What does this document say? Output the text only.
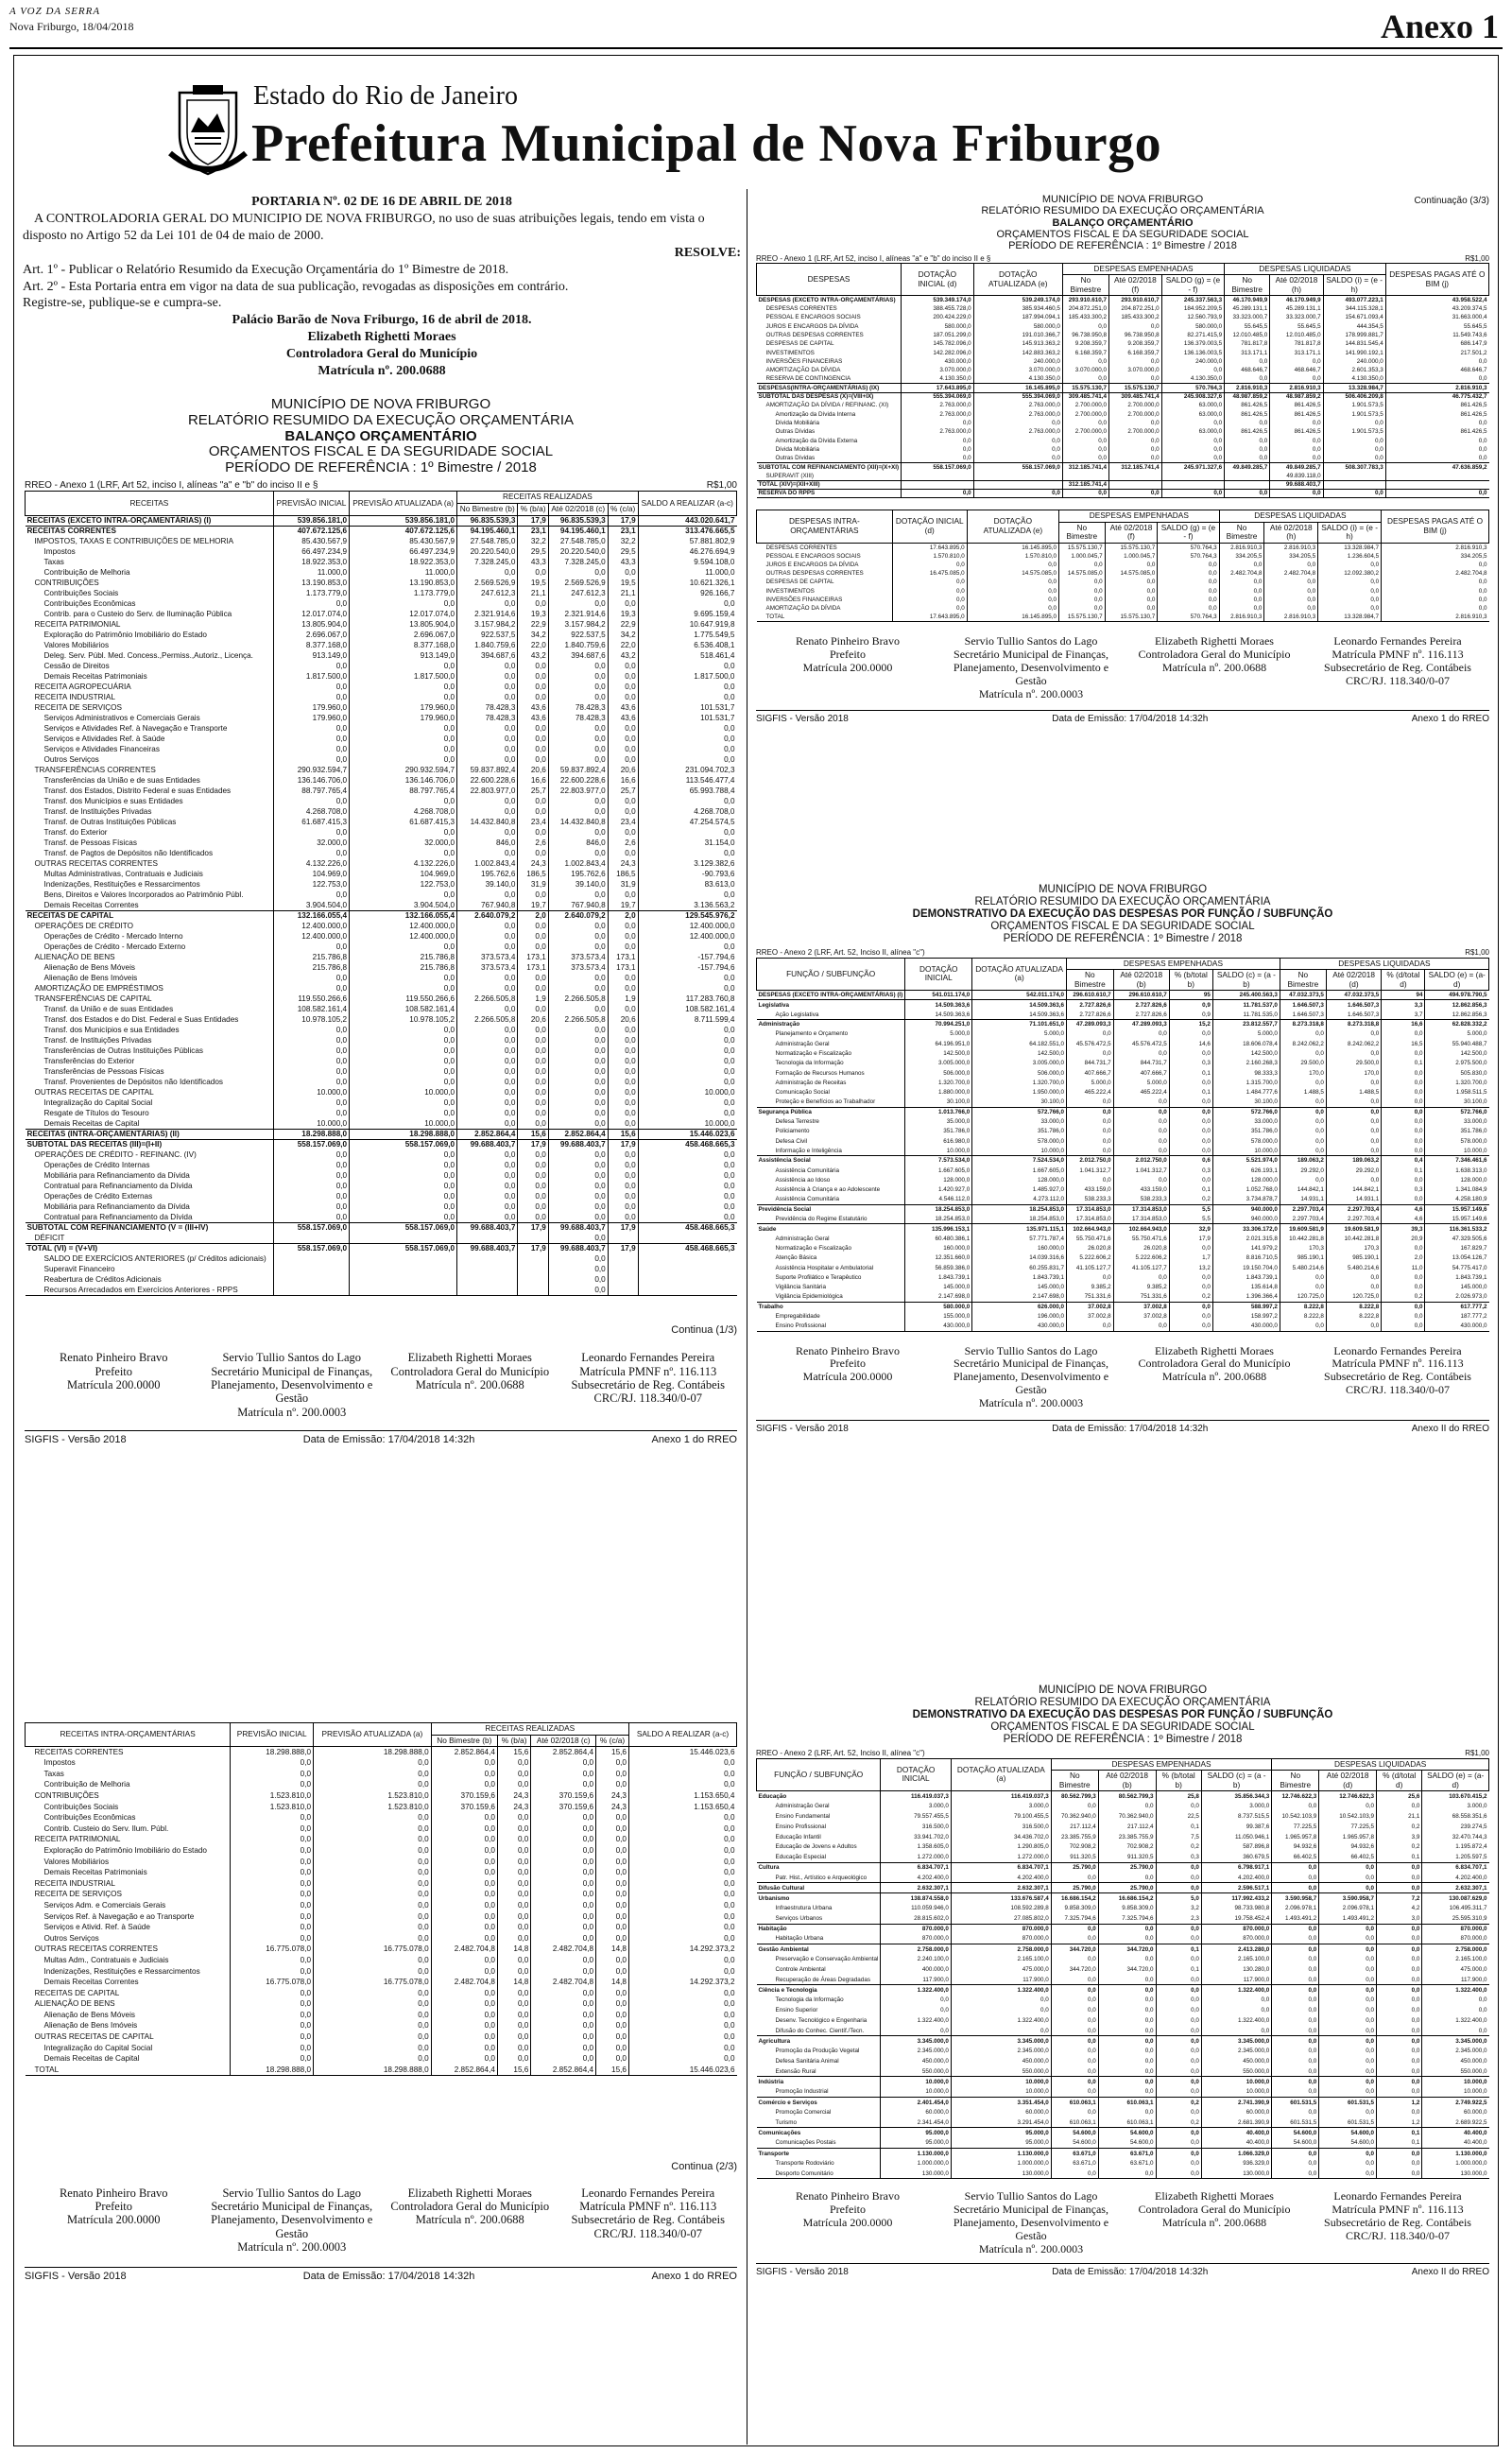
A VOZ DA SERRA
Nova Friburgo, 18/04/2018	Anexo 1
Estado do Rio de Janeiro
Prefeitura Municipal de Nova Friburgo
PORTARIA Nº. 02 DE 16 DE ABRIL DE 2018
A CONTROLADORIA GERAL DO MUNICIPIO DE NOVA FRIBURGO, no uso de suas atribuições legais, tendo em vista o disposto no Artigo 52 da Lei 101 de 04 de maio de 2000.
RESOLVE:
Art. 1º - Publicar o Relatório Resumido da Execução Orçamentária do 1º Bimestre de 2018.
Art. 2º - Esta Portaria entra em vigor na data de sua publicação, revogadas as disposições em contrário.
Registre-se, publique-se e cumpra-se.
Palácio Barão de Nova Friburgo, 16 de abril de 2018.
Elizabeth Righetti Moraes
Controladora Geral do Município
Matrícula nº. 200.0688
MUNICÍPIO DE NOVA FRIBURGO
RELATÓRIO RESUMIDO DA EXECUÇÃO ORÇAMENTÁRIA
BALANÇO ORÇAMENTÁRIO
ORÇAMENTOS FISCAL E DA SEGURIDADE SOCIAL
PERÍODO DE REFERÊNCIA : 1º Bimestre / 2018
RREO - Anexo 1 (LRF, Art 52, inciso I, alíneas "a" e "b" do inciso II e §	R$1,00
RECEITAS	PREVISÃO INICIAL	PREVISÃO ATUALIZADA (a)	RECEITAS REALIZADAS				SALDO A REALIZAR (a-c)
			No Bimestre (b)	% (b/a)	Até 02/2018 (c)	% (c/a)	
RECEITAS (EXCETO INTRA-ORÇAMENTÁRIAS) (I)	539.856.181,0	539.856.181,0	96.835.539,3	17,9	96.835.539,3	17,9	443.020.641,7
RECEITAS CORRENTES	407.672.125,6	407.672.125,6	94.195.460,1	23,1	94.195.460,1	23,1	313.476.665,5
IMPOSTOS, TAXAS E CONTRIBUIÇÕES DE MELHORIA	85.430.567,9	85.430.567,9	27.548.785,0	32,2	27.548.785,0	32,2	57.881.802,9
Impostos	66.497.234,9	66.497.234,9	20.220.540,0	29,5	20.220.540,0	29,5	46.276.694,9
Taxas	18.922.353,0	18.922.353,0	7.328.245,0	43,3	7.328.245,0	43,3	9.594.108,0
Contribuição de Melhoria	11.000,0	11.000,0	0,0	0,0	0,0	0,0	11.000,0
CONTRIBUIÇÕES	13.190.853,0	13.190.853,0	2.569.526,9	19,5	2.569.526,9	19,5	10.621.326,1
Contribuições Sociais	1.173.779,0	1.173.779,0	247.612,3	21,1	247.612,3	21,1	926.166,7
Contribuições Econômicas	0,0	0,0	0,0	0,0	0,0	0,0	0,0
Contrib. para o Custeio do Serv. de Iluminação Pública	12.017.074,0	12.017.074,0	2.321.914,6	19,3	2.321.914,6	19,3	9.695.159,4
RECEITA PATRIMONIAL	13.805.904,0	13.805.904,0	3.157.984,2	22,9	3.157.984,2	22,9	10.647.919,8
Exploração do Patrimônio Imobiliário do Estado	2.696.067,0	2.696.067,0	922.537,5	34,2	922.537,5	34,2	1.775.549,5
Valores Mobiliários	8.377.168,0	8.377.168,0	1.840.759,6	22,0	1.840.759,6	22,0	6.536.408,1
Deleg. Serv. Públ. Med. Concess.,Permiss.,Autoriz., Licença.	913.149,0	913.149,0	394.687,6	43,2	394.687,6	43,2	518.461,4
Cessão de Direitos	0,0	0,0	0,0	0,0	0,0	0,0	0,0
Demais Receitas Patrimoniais	1.817.500,0	1.817.500,0	0,0	0,0	0,0	0,0	1.817.500,0
RECEITA AGROPECUÁRIA	0,0	0,0	0,0	0,0	0,0	0,0	0,0
RECEITA INDUSTRIAL	0,0	0,0	0,0	0,0	0,0	0,0	0,0
RECEITA DE SERVIÇOS	179.960,0	179.960,0	78.428,3	43,6	78.428,3	43,6	101.531,7
Serviços Administrativos e Comerciais Gerais	179.960,0	179.960,0	78.428,3	43,6	78.428,3	43,6	101.531,7
Serviços e Atividades Ref. à Navegação e Transporte	0,0	0,0	0,0	0,0	0,0	0,0	0,0
Serviços e Atividades Ref. à Saúde	0,0	0,0	0,0	0,0	0,0	0,0	0,0
Serviços e Atividades Financeiras	0,0	0,0	0,0	0,0	0,0	0,0	0,0
Outros Serviços	0,0	0,0	0,0	0,0	0,0	0,0	0,0
TRANSFERÊNCIAS CORRENTES	290.932.594,7	290.932.594,7	59.837.892,4	20,6	59.837.892,4	20,6	231.094.702,3
Transferências da União e de suas Entidades	136.146.706,0	136.146.706,0	22.600.228,6	16,6	22.600.228,6	16,6	113.546.477,4
Transf. dos Estados, Distrito Federal e suas Entidades	88.797.765,4	88.797.765,4	22.803.977,0	25,7	22.803.977,0	25,7	65.993.788,4
Transf. dos Municípios e suas Entidades	0,0	0,0	0,0	0,0	0,0	0,0	0,0
Transf. de Instituições Privadas	4.268.708,0	4.268.708,0	0,0	0,0	0,0	0,0	4.268.708,0
Transf. de Outras Instituições Públicas	61.687.415,3	61.687.415,3	14.432.840,8	23,4	14.432.840,8	23,4	47.254.574,5
Transf. do Exterior	0,0	0,0	0,0	0,0	0,0	0,0	0,0
Transf. de Pessoas Físicas	32.000,0	32.000,0	846,0	2,6	846,0	2,6	31.154,0
Transf. de Pagtos de Depósitos não Identificados	0,0	0,0	0,0	0,0	0,0	0,0	0,0
OUTRAS RECEITAS CORRENTES	4.132.226,0	4.132.226,0	1.002.843,4	24,3	1.002.843,4	24,3	3.129.382,6
Multas Administrativas, Contratuais e Judiciais	104.969,0	104.969,0	195.762,6	186,5	195.762,6	186,5	-90.793,6
Indenizações, Restituições e Ressarcimentos	122.753,0	122.753,0	39.140,0	31,9	39.140,0	31,9	83.613,0
Bens, Direitos e Valores Incorporados ao Patrimônio Públ.	0,0	0,0	0,0	0,0	0,0	0,0	0,0
Demais Receitas Correntes	3.904.504,0	3.904.504,0	767.940,8	19,7	767.940,8	19,7	3.136.563,2
RECEITAS DE CAPITAL	132.166.055,4	132.166.055,4	2.640.079,2	2,0	2.640.079,2	2,0	129.545.976,2
OPERAÇÕES DE CRÉDITO	12.400.000,0	12.400.000,0	0,0	0,0	0,0	0,0	12.400.000,0
Operações de Crédito - Mercado Interno	12.400.000,0	12.400.000,0	0,0	0,0	0,0	0,0	12.400.000,0
Operações de Crédito - Mercado Externo	0,0	0,0	0,0	0,0	0,0	0,0	0,0
ALIENAÇÃO DE BENS	215.786,8	215.786,8	373.573,4	173,1	373.573,4	173,1	-157.794,6
Alienação de Bens Móveis	215.786,8	215.786,8	373.573,4	173,1	373.573,4	173,1	-157.794,6
Alienação de Bens Imóveis	0,0	0,0	0,0	0,0	0,0	0,0	0,0
AMORTIZAÇÃO DE EMPRÉSTIMOS	0,0	0,0	0,0	0,0	0,0	0,0	0,0
TRANSFERÊNCIAS DE CAPITAL	119.550.266,6	119.550.266,6	2.266.505,8	1,9	2.266.505,8	1,9	117.283.760,8
Transf. da União e de suas Entidades	108.582.161,4	108.582.161,4	0,0	0,0	0,0	0,0	108.582.161,4
Transf. dos Estados e do Dist. Federal e Suas Entidades	10.978.105,2	10.978.105,2	2.266.505,8	20,6	2.266.505,8	20,6	8.711.599,4
Transf. dos Municípios e sua Entidades	0,0	0,0	0,0	0,0	0,0	0,0	0,0
Transf. de Instituições Privadas	0,0	0,0	0,0	0,0	0,0	0,0	0,0
Transferências de Outras Instituições Públicas	0,0	0,0	0,0	0,0	0,0	0,0	0,0
Transferências do Exterior	0,0	0,0	0,0	0,0	0,0	0,0	0,0
Transferências de Pessoas Físicas	0,0	0,0	0,0	0,0	0,0	0,0	0,0
Transf. Provenientes de Depósitos não Identificados	0,0	0,0	0,0	0,0	0,0	0,0	0,0
OUTRAS RECEITAS DE CAPITAL	10.000,0	10.000,0	0,0	0,0	0,0	0,0	10.000,0
Integralização do Capital Social	0,0	0,0	0,0	0,0	0,0	0,0	0,0
Resgate de Títulos do Tesouro	0,0	0,0	0,0	0,0	0,0	0,0	0,0
Demais Receitas de Capital	10.000,0	10.000,0	0,0	0,0	0,0	0,0	10.000,0
RECEITAS (INTRA-ORÇAMENTÁRIAS) (II)	18.298.888,0	18.298.888,0	2.852.864,4	15,6	2.852.864,4	15,6	15.446.023,6
SUBTOTAL DAS RECEITAS (III)=(I+II)	558.157.069,0	558.157.069,0	99.688.403,7	17,9	99.688.403,7	17,9	458.468.665,3
OPERAÇÕES DE CRÉDITO - REFINANC. (IV)	0,0	0,0	0,0	0,0	0,0	0,0	0,0
Operações de Crédito Internas	0,0	0,0	0,0	0,0	0,0	0,0	0,0
Mobiliária para Refinanciamento da Dívida	0,0	0,0	0,0	0,0	0,0	0,0	0,0
Contratual para Refinanciamento da Dívida	0,0	0,0	0,0	0,0	0,0	0,0	0,0
Operações de Crédito Externas	0,0	0,0	0,0	0,0	0,0	0,0	0,0
Mobiliária para Refinanciamento da Dívida	0,0	0,0	0,0	0,0	0,0	0,0	0,0
Contratual para Refinanciamento da Dívida	0,0	0,0	0,0	0,0	0,0	0,0	0,0
SUBTOTAL COM REFINANCIAMENTO (V = (III+IV)	558.157.069,0	558.157.069,0	99.688.403,7	17,9	99.688.403,7	17,9	458.468.665,3
DÉFICIT					0,0		
TOTAL (VI) = (V+VI)	558.157.069,0	558.157.069,0	99.688.403,7	17,9	99.688.403,7	17,9	458.468.665,3
SALDO DE EXERCÍCIOS ANTERIORES (p/ Créditos adicionais)					0,0		
Superavit Financeiro					0,0		
Reabertura de Créditos Adicionais					0,0		
Recursos Arrecadados em Exercícios Anteriores - RPPS					0,0		
Continua (1/3)
Renato Pinheiro Bravo
Prefeito
Matrícula 200.0000
Servio Tullio Santos do Lago
Secretário Municipal de Finanças,
Planejamento, Desenvolvimento e Gestão
Matrícula nº. 200.0003
Elizabeth Righetti Moraes
Controladora Geral do Município
Matrícula nº. 200.0688
Leonardo Fernandes Pereira
Matrícula PMNF nº. 116.113
Subsecretário de Reg. Contábeis
CRC/RJ. 118.340/0-07
SIGFIS - Versão 2018	Data de Emissão: 17/04/2018 14:32h	Anexo 1 do RREO
RECEITAS INTRA-ORÇAMENTÁRIAS	PREVISÃO INICIAL	PREVISÃO ATUALIZADA (a)	RECEITAS REALIZADAS				SALDO A REALIZAR (a-c)
			No Bimestre (b)	% (b/a)	Até 02/2018 (c)	% (c/a)	
RECEITAS CORRENTES	18.298.888,0	18.298.888,0	2.852.864,4	15,6	2.852.864,4	15,6	15.446.023,6
Impostos	0,0	0,0	0,0	0,0	0,0	0,0	0,0
Taxas	0,0	0,0	0,0	0,0	0,0	0,0	0,0
Contribuição de Melhoria	0,0	0,0	0,0	0,0	0,0	0,0	0,0
CONTRIBUIÇÕES	1.523.810,0	1.523.810,0	370.159,6	24,3	370.159,6	24,3	1.153.650,4
Contribuições Sociais	1.523.810,0	1.523.810,0	370.159,6	24,3	370.159,6	24,3	1.153.650,4
Contribuições Econômicas	0,0	0,0	0,0	0,0	0,0	0,0	0,0
Contrib. Custeio do Serv. Ilum. Públ.	0,0	0,0	0,0	0,0	0,0	0,0	0,0
RECEITA PATRIMONIAL	0,0	0,0	0,0	0,0	0,0	0,0	0,0
Exploração do Patrimônio Imobiliário do Estado	0,0	0,0	0,0	0,0	0,0	0,0	0,0
Valores Mobiliários	0,0	0,0	0,0	0,0	0,0	0,0	0,0
Demais Receitas Patrimoniais	0,0	0,0	0,0	0,0	0,0	0,0	0,0
RECEITA INDUSTRIAL	0,0	0,0	0,0	0,0	0,0	0,0	0,0
RECEITA DE SERVIÇOS	0,0	0,0	0,0	0,0	0,0	0,0	0,0
Serviços Adm. e Comerciais Gerais	0,0	0,0	0,0	0,0	0,0	0,0	0,0
Serviços Ref. à Navegação e ao Transporte	0,0	0,0	0,0	0,0	0,0	0,0	0,0
Serviços e Ativid. Ref. à Saúde	0,0	0,0	0,0	0,0	0,0	0,0	0,0
Outros Serviços	0,0	0,0	0,0	0,0	0,0	0,0	0,0
OUTRAS RECEITAS CORRENTES	16.775.078,0	16.775.078,0	2.482.704,8	14,8	2.482.704,8	14,8	14.292.373,2
Multas Adm., Contratuais e Judiciais	0,0	0,0	0,0	0,0	0,0	0,0	0,0
Indenizações, Restituições e Ressarcimentos	0,0	0,0	0,0	0,0	0,0	0,0	0,0
Demais Receitas Correntes	16.775.078,0	16.775.078,0	2.482.704,8	14,8	2.482.704,8	14,8	14.292.373,2
RECEITAS DE CAPITAL	0,0	0,0	0,0	0,0	0,0	0,0	0,0
ALIENAÇÃO DE BENS	0,0	0,0	0,0	0,0	0,0	0,0	0,0
Alienação de Bens Móveis	0,0	0,0	0,0	0,0	0,0	0,0	0,0
Alienação de Bens Imóveis	0,0	0,0	0,0	0,0	0,0	0,0	0,0
OUTRAS RECEITAS DE CAPITAL	0,0	0,0	0,0	0,0	0,0	0,0	0,0
Integralização do Capital Social	0,0	0,0	0,0	0,0	0,0	0,0	0,0
Demais Receitas de Capital	0,0	0,0	0,0	0,0	0,0	0,0	0,0
TOTAL	18.298.888,0	18.298.888,0	2.852.864,4	15,6	2.852.864,4	15,6	15.446.023,6
Continua (2/3)
Renato Pinheiro Bravo
Prefeito
Matrícula 200.0000
Servio Tullio Santos do Lago
Secretário Municipal de Finanças,
Planejamento, Desenvolvimento e Gestão
Matrícula nº. 200.0003
Elizabeth Righetti Moraes
Controladora Geral do Município
Matrícula nº. 200.0688
Leonardo Fernandes Pereira
Matrícula PMNF nº. 116.113
Subsecretário de Reg. Contábeis
CRC/RJ. 118.340/0-07
SIGFIS - Versão 2018	Data de Emissão: 17/04/2018 14:32h	Anexo 1 do RREO
MUNICÍPIO DE NOVA FRIBURGO
RELATÓRIO RESUMIDO DA EXECUÇÃO ORÇAMENTÁRIA
BALANÇO ORÇAMENTÁRIO
ORÇAMENTOS FISCAL E DA SEGURIDADE SOCIAL
PERÍODO DE REFERÊNCIA : 1º Bimestre / 2018
Continuação (3/3)
RREO - Anexo 1 (LRF, Art 52, inciso I, alíneas "a" e "b" do inciso II e §	R$1,00
DESPESAS	DOTAÇÃO INICIAL (d)	DOTAÇÃO ATUALIZADA (e)	DESPESAS EMPENHADAS			DESPESAS LIQUIDADAS			DESPESAS PAGAS ATÉ O BIM (j)
			No Bimestre	Até 02/2018 (f)	SALDO (g) = (e - f)	No Bimestre	Até 02/2018 (h)	SALDO (i) = (e - h)	
DESPESAS (EXCETO INTRA-ORÇAMENTÁRIAS)	539.349.174,0	539.249.174,0	293.910.610,7	293.910.610,7	245.337.563,3	46.170.949,9	46.170.949,9	493.077.223,1	43.958.522,4
DESPESAS CORRENTES	388.455.728,0	385.934.460,5	204.872.251,0	204.872.251,0	184.952.209,5	45.289.131,1	45.289.131,1	344.115.328,1	43.209.374,5
PESSOAL E ENCARGOS SOCIAIS	200.424.229,0	187.994.094,1	185.433.300,2	185.433.300,2	12.560.793,9	33.323.000,7	33.323.000,7	154.671.093,4	31.663.000,4
JUROS E ENCARGOS DA DÍVIDA	580.000,0	580.000,0	0,0	0,0	580.000,0	55.645,5	55.645,5	444.354,5	55.645,5
OUTRAS DESPESAS CORRENTES	187.051.299,0	191.010.366,7	96.738.950,8	96.738.950,8	82.271.415,9	12.010.485,0	12.010.485,0	178.999.881,7	11.549.743,6
DESPESAS DE CAPITAL	145.782.096,0	145.913.363,2	9.208.359,7	9.208.359,7	136.379.003,5	781.817,8	781.817,8	144.831.545,4	686.147,9
INVESTIMENTOS	142.282.096,0	142.883.363,2	6.168.359,7	6.168.359,7	136.136.003,5	313.171,1	313.171,1	141.990.192,1	217.501,2
INVERSÕES FINANCEIRAS	430.000,0	240.000,0	0,0	0,0	240.000,0	0,0	0,0	240.000,0	0,0
AMORTIZAÇÃO DA DÍVIDA	3.070.000,0	3.070.000,0	3.070.000,0	3.070.000,0	0,0	468.646,7	468.646,7	2.601.353,3	468.646,7
RESERVA DE CONTINGÊNCIA	4.130.350,0	4.130.350,0	0,0	0,0	4.130.350,0	0,0	0,0	4.130.350,0	0,0
DESPESAS(INTRA-ORÇAMENTÁRIAS) (IX)	17.643.895,0	16.145.895,0	15.575.130,7	15.575.130,7	570.764,3	2.816.910,3	2.816.910,3	13.328.984,7	2.816.910,3
SUBTOTAL DAS DESPESAS (X)=(VIII+IX)	555.394.069,0	555.394.069,0	309.485.741,4	309.485.741,4	245.908.327,6	48.987.859,2	48.987.859,2	506.406.209,8	46.775.432,7
AMORTIZAÇÃO DA DÍVIDA / REFINANC. (XI)	2.763.000,0	2.763.000,0	2.700.000,0	2.700.000,0	63.000,0	861.426,5	861.426,5	1.901.573,5	861.426,5
Amortização da Dívida Interna	2.763.000,0	2.763.000,0	2.700.000,0	2.700.000,0	63.000,0	861.426,5	861.426,5	1.901.573,5	861.426,5
Dívida Mobiliária	0,0	0,0	0,0	0,0	0,0	0,0	0,0	0,0	0,0
Outras Dívidas	2.763.000,0	2.763.000,0	2.700.000,0	2.700.000,0	63.000,0	861.426,5	861.426,5	1.901.573,5	861.426,5
Amortização da Dívida Externa	0,0	0,0	0,0	0,0	0,0	0,0	0,0	0,0	0,0
Dívida Mobiliária	0,0	0,0	0,0	0,0	0,0	0,0	0,0	0,0	0,0
Outras Dívidas	0,0	0,0	0,0	0,0	0,0	0,0	0,0	0,0	0,0
SUBTOTAL COM REFINANCIAMENTO (XII)=(X+XI)	558.157.069,0	558.157.069,0	312.185.741,4	312.185.741,4	245.971.327,6	49.849.285,7	49.849.285,7	508.307.783,3	47.636.859,2
SUPERAVIT (XIII)							49.839.118,0		
TOTAL (XIV)=(XII+XIII)			312.185.741,4				99.688.403,7		
RESERVA DO RPPS	0,0	0,0	0,0	0,0	0,0	0,0	0,0	0,0	0,0
DESPESAS INTRA-ORÇAMENTÁRIAS	DOTAÇÃO INICIAL (d)	DOTAÇÃO ATUALIZADA (e)	DESPESAS EMPENHADAS			DESPESAS LIQUIDADAS			DESPESAS PAGAS ATÉ O BIM (j)
			No Bimestre	Até 02/2018 (f)	SALDO (g) = (e - f)	No Bimestre	Até 02/2018 (h)	SALDO (i) = (e - h)	
DESPESAS CORRENTES	17.643.895,0	16.145.895,0	15.575.130,7	15.575.130,7	570.764,3	2.816.910,3	2.816.910,3	13.328.984,7	2.816.910,3
PESSOAL E ENCARGOS SOCIAIS	1.570.810,0	1.570.810,0	1.000.045,7	1.000.045,7	570.764,3	334.205,5	334.205,5	1.236.604,5	334.205,5
JUROS E ENCARGOS DA DÍVIDA	0,0	0,0	0,0	0,0	0,0	0,0	0,0	0,0	0,0
OUTRAS DESPESAS CORRENTES	16.475.085,0	14.575.085,0	14.575.085,0	14.575.085,0	0,0	2.482.704,8	2.482.704,8	12.092.380,2	2.482.704,8
DESPESAS DE CAPITAL	0,0	0,0	0,0	0,0	0,0	0,0	0,0	0,0	0,0
INVESTIMENTOS	0,0	0,0	0,0	0,0	0,0	0,0	0,0	0,0	0,0
INVERSÕES FINANCEIRAS	0,0	0,0	0,0	0,0	0,0	0,0	0,0	0,0	0,0
AMORTIZAÇÃO DA DÍVIDA	0,0	0,0	0,0	0,0	0,0	0,0	0,0	0,0	0,0
TOTAL	17.643.895,0	16.145.895,0	15.575.130,7	15.575.130,7	570.764,3	2.816.910,3	2.816.910,3	13.328.984,7	2.816.910,3
Renato Pinheiro Bravo
Prefeito
Matrícula 200.0000
Servio Tullio Santos do Lago
Secretário Municipal de Finanças,
Planejamento, Desenvolvimento e Gestão
Matrícula nº. 200.0003
Elizabeth Righetti Moraes
Controladora Geral do Município
Matrícula nº. 200.0688
Leonardo Fernandes Pereira
Matrícula PMNF nº. 116.113
Subsecretário de Reg. Contábeis
CRC/RJ. 118.340/0-07
SIGFIS - Versão 2018	Data de Emissão: 17/04/2018 14:32h	Anexo 1 do RREO
MUNICÍPIO DE NOVA FRIBURGO
RELATÓRIO RESUMIDO DA EXECUÇÃO ORÇAMENTÁRIA
DEMONSTRATIVO DA EXECUÇÃO DAS DESPESAS POR FUNÇÃO / SUBFUNÇÃO
ORÇAMENTOS FISCAL E DA SEGURIDADE SOCIAL
PERÍODO DE REFERÊNCIA : 1º Bimestre / 2018
RREO - Anexo 2 (LRF, Art. 52, Inciso II, alínea "c")	R$1,00
FUNÇÃO / SUBFUNÇÃO	DOTAÇÃO INICIAL	DOTAÇÃO ATUALIZADA (a)	DESPESAS EMPENHADAS				DESPESAS LIQUIDADAS			
			No Bimestre	Até 02/2018 (b)	% (b/total b)	SALDO (c) = (a - b)	No Bimestre	Até 02/2018 (d)	% (d/total d)	SALDO (e) = (a-d)
DESPESAS (EXCETO INTRA-ORÇAMENTÁRIAS) (I)	541.011.174,0	542.011.174,0	296.610.610,7	296.610.610,7	95	245.400.563,3	47.032.373,5	47.032.373,5	94	494.978.790,5
Legislativa	14.509.363,6	14.509.363,6	2.727.826,6	2.727.826,6	0,9	11.781.537,0	1.646.507,3	1.646.507,3	3,3	12.862.856,3
Ação Legislativa	14.509.363,6	14.509.363,6	2.727.826,6	2.727.826,6	0,9	11.781.535,0	1.646.507,3	1.646.507,3	3,7	12.862.856,3
Administração	70.994.251,0	71.101.651,0	47.289.093,3	47.289.093,3	15,2	23.812.557,7	8.273.318,8	8.273.318,8	16,6	62.828.332,2
Planejamento e Orçamento	5.000,0	5.000,0	0,0	0,0	0,0	5.000,0	0,0	0,0	0,0	5.000,0
Administração Geral	64.196.951,0	64.182.551,0	45.576.472,5	45.576.472,5	14,6	18.606.078,4	8.242.062,2	8.242.062,2	16,5	55.940.488,7
Normatização e Fiscalização	142.500,0	142.500,0	0,0	0,0	0,0	142.500,0	0,0	0,0	0,0	142.500,0
Tecnologia da Informação	3.005.000,0	3.005.000,0	844.731,7	844.731,7	0,3	2.160.268,3	29.500,0	29.500,0	0,1	2.975.500,0
Formação de Recursos Humanos	506.000,0	506.000,0	407.666,7	407.666,7	0,1	98.333,3	170,0	170,0	0,0	505.830,0
Administração de Receitas	1.320.700,0	1.320.700,0	5.000,0	5.000,0	0,0	1.315.700,0	0,0	0,0	0,0	1.320.700,0
Comunicação Social	1.880.000,0	1.950.000,0	465.222,4	465.222,4	0,1	1.484.777,6	1.488,5	1.488,5	0,0	1.958.511,5
Proteção e Benefícios ao Trabalhador	30.100,0	30.100,0	0,0	0,0	0,0	30.100,0	0,0	0,0	0,0	30.100,0
Segurança Pública	1.013.766,0	572.766,0	0,0	0,0	0,0	572.766,0	0,0	0,0	0,0	572.766,0
Defesa Terrestre	35.000,0	33.000,0	0,0	0,0	0,0	33.000,0	0,0	0,0	0,0	33.000,0
Policiamento	351.786,0	351.786,0	0,0	0,0	0,0	351.786,0	0,0	0,0	0,0	351.786,0
Defesa Civil	616.980,0	578.000,0	0,0	0,0	0,0	578.000,0	0,0	0,0	0,0	578.000,0
Informação e Inteligência	10.000,0	10.000,0	0,0	0,0	0,0	10.000,0	0,0	0,0	0,0	10.000,0
Assistência Social	7.573.534,0	7.524.534,0	2.012.750,0	2.012.750,0	0,6	5.521.974,0	189.063,2	189.063,2	0,4	7.346.461,6
Assistência Comunitária	1.667.605,0	1.667.605,0	1.041.312,7	1.041.312,7	0,3	626.193,1	29.292,0	29.292,0	0,1	1.638.313,0
Assistência ao Idoso	128.000,0	128.000,0	0,0	0,0	0,0	128.000,0	0,0	0,0	0,0	128.000,0
Assistência à Criança e ao Adolescente	1.420.927,0	1.485.927,0	433.159,0	433.159,0	0,1	1.052.768,0	144.842,1	144.842,1	0,3	1.341.084,9
Assistência Comunitária	4.546.112,0	4.273.112,0	538.233,3	538.233,3	0,2	3.734.878,7	14.931,1	14.931,1	0,0	4.258.180,9
Previdência Social	18.254.853,0	18.254.853,0	17.314.853,0	17.314.853,0	5,5	940.000,0	2.297.703,4	2.297.703,4	4,6	15.957.149,6
Previdência do Regime Estatutário	18.254.853,0	18.254.853,0	17.314.853,0	17.314.853,0	5,5	940.000,0	2.297.703,4	2.297.703,4	4,6	15.957.149,6
Saúde	135.996.153,1	135.971.115,1	102.664.943,0	102.664.943,0	32,9	33.306.172,0	19.609.581,9	19.609.581,9	39,3	116.361.533,2
Administração Geral	60.480.386,1	57.771.787,4	55.750.471,6	55.750.471,6	17,9	2.021.315,8	10.442.281,8	10.442.281,8	20,9	47.329.505,6
Normatização e Fiscalização	160.000,0	160.000,0	26.020,8	26.020,8	0,0	141.979,2	170,3	170,3	0,0	167.829,7
Atenção Básica	12.351.660,0	14.039.316,6	5.222.606,2	5.222.606,2	1,7	8.816.710,5	985.190,1	985.190,1	2,0	13.054.126,7
Assistência Hospitalar e Ambulatorial	56.859.386,0	60.255.831,7	41.105.127,7	41.105.127,7	13,2	19.150.704,0	5.480.214,6	5.480.214,6	11,0	54.775.417,0
Suporte Profilático e Terapêutico	1.843.739,1	1.843.739,1	0,0	0,0	0,0	1.843.739,1	0,0	0,0	0,0	1.843.739,1
Vigilância Sanitária	145.000,0	145.000,0	9.385,2	9.385,2	0,0	135.614,8	0,0	0,0	0,0	145.000,0
Vigilância Epidemiológica	2.147.698,0	2.147.698,0	751.331,6	751.331,6	0,2	1.396.366,4	120.725,0	120.725,0	0,2	2.026.973,0
Trabalho	580.000,0	626.000,0	37.002,8	37.002,8	0,0	588.997,2	8.222,8	8.222,8	0,0	617.777,2
Empregabilidade	155.000,0	196.000,0	37.002,8	37.002,8	0,0	158.997,2	8.222,8	8.222,8	0,0	187.777,2
Ensino Profissional	430.000,0	430.000,0	0,0	0,0	0,0	430.000,0	0,0	0,0	0,0	430.000,0
Renato Pinheiro Bravo
Prefeito
Matrícula 200.0000
Servio Tullio Santos do Lago
Secretário Municipal de Finanças,
Planejamento, Desenvolvimento e Gestão
Matrícula nº. 200.0003
Elizabeth Righetti Moraes
Controladora Geral do Município
Matrícula nº. 200.0688
Leonardo Fernandes Pereira
Matrícula PMNF nº. 116.113
Subsecretário de Reg. Contábeis
CRC/RJ. 118.340/0-07
SIGFIS - Versão 2018	Data de Emissão: 17/04/2018 14:32h	Anexo II do RREO
MUNICÍPIO DE NOVA FRIBURGO
RELATÓRIO RESUMIDO DA EXECUÇÃO ORÇAMENTÁRIA
DEMONSTRATIVO DA EXECUÇÃO DAS DESPESAS POR FUNÇÃO / SUBFUNÇÃO
ORÇAMENTOS FISCAL E DA SEGURIDADE SOCIAL
PERÍODO DE REFERÊNCIA : 1º Bimestre / 2018
RREO - Anexo 2 (LRF, Art. 52, Inciso II, alínea "c")	R$1,00
FUNÇÃO / SUBFUNÇÃO	DOTAÇÃO INICIAL	DOTAÇÃO ATUALIZADA (a)	DESPESAS EMPENHADAS				DESPESAS LIQUIDADAS			
			No Bimestre	Até 02/2018 (b)	% (b/total b)	SALDO (c) = (a - b)	No Bimestre	Até 02/2018 (d)	% (d/total d)	SALDO (e) = (a-d)
Educação	116.419.037,3	116.419.037,3	80.562.799,3	80.562.799,3	25,8	35.856.344,3	12.746.622,3	12.746.622,3	25,6	103.670.415,2
Administração Geral	3.000,0	3.000,0	0,0	0,0	0,0	3.000,0	0,0	0,0	0,0	3.000,0
Ensino Fundamental	79.557.455,5	79.100.455,5	70.362.940,0	70.362.940,0	22,5	8.737.515,5	10.542.103,9	10.542.103,9	21,1	68.558.351,6
Ensino Profissional	316.500,0	316.500,0	217.112,4	217.112,4	0,1	99.387,6	77.225,5	77.225,5	0,2	239.274,5
Educação Infantil	33.941.702,0	34.436.702,0	23.385.755,9	23.385.755,9	7,5	11.050.946,1	1.965.957,8	1.965.957,8	3,9	32.470.744,3
Educação de Jovens e Adultos	1.358.605,0	1.290.805,0	702.908,2	702.908,2	0,2	587.896,8	94.932,6	94.932,6	0,2	1.195.872,4
Educação Especial	1.272.000,0	1.272.000,0	911.320,5	911.320,5	0,3	360.679,5	66.402,5	66.402,5	0,1	1.205.597,5
Cultura	6.834.707,1	6.834.707,1	25.790,0	25.790,0	0,0	6.798.917,1	0,0	0,0	0,0	6.834.707,1
Patr. Hist., Artístico e Arqueológico	4.202.400,0	4.202.400,0	0,0	0,0	0,0	4.202.400,0	0,0	0,0	0,0	4.202.400,0
Difusão Cultural	2.632.307,1	2.632.307,1	25.790,0	25.790,0	0,0	2.596.517,1	0,0	0,0	0,0	2.632.307,1
Urbanismo	138.874.558,0	133.676.587,4	16.686.154,2	16.686.154,2	5,0	117.992.433,2	3.590.958,7	3.590.958,7	7,2	130.087.629,0
Infraestrutura Urbana	110.059.946,0	108.592.289,8	9.858.309,0	9.858.309,0	3,2	98.733.980,8	2.096.978,1	2.096.978,1	4,2	106.495.311,7
Serviços Urbanos	28.815.602,0	27.085.802,0	7.325.794,6	7.325.794,6	2,3	19.758.452,4	1.493.491,2	1.493.491,2	3,0	25.595.310,9
Habitação	870.000,0	870.000,0	0,0	0,0	0,0	870.000,0	0,0	0,0	0,0	870.000,0
Habitação Urbana	870.000,0	870.000,0	0,0	0,0	0,0	870.000,0	0,0	0,0	0,0	870.000,0
Gestão Ambiental	2.758.000,0	2.758.000,0	344.720,0	344.720,0	0,1	2.413.280,0	0,0	0,0	0,0	2.758.000,0
Preservação e Conservação Ambiental	2.240.100,0	2.165.100,0	0,0	0,0	0,0	2.165.100,0	0,0	0,0	0,0	2.165.100,0
Controle Ambiental	400.000,0	475.000,0	344.720,0	344.720,0	0,1	130.280,0	0,0	0,0	0,0	475.000,0
Recuperação de Áreas Degradadas	117.900,0	117.900,0	0,0	0,0	0,0	117.900,0	0,0	0,0	0,0	117.900,0
Ciência e Tecnologia	1.322.400,0	1.322.400,0	0,0	0,0	0,0	1.322.400,0	0,0	0,0	0,0	1.322.400,0
Tecnologia da Informação	0,0	0,0	0,0	0,0	0,0	0,0	0,0	0,0	0,0	0,0
Ensino Superior	0,0	0,0	0,0	0,0	0,0	0,0	0,0	0,0	0,0	0,0
Desenv. Tecnológico e Engenharia	1.322.400,0	1.322.400,0	0,0	0,0	0,0	1.322.400,0	0,0	0,0	0,0	1.322.400,0
Difusão do Conhec. Científ./Tecn.	0,0	0,0	0,0	0,0	0,0	0,0	0,0	0,0	0,0	0,0
Agricultura	3.345.000,0	3.345.000,0	0,0	0,0	0,0	3.345.000,0	0,0	0,0	0,0	3.345.000,0
Promoção da Produção Vegetal	2.345.000,0	2.345.000,0	0,0	0,0	0,0	2.345.000,0	0,0	0,0	0,0	2.345.000,0
Defesa Sanitária Animal	450.000,0	450.000,0	0,0	0,0	0,0	450.000,0	0,0	0,0	0,0	450.000,0
Extensão Rural	550.000,0	550.000,0	0,0	0,0	0,0	550.000,0	0,0	0,0	0,0	550.000,0
Indústria	10.000,0	10.000,0	0,0	0,0	0,0	10.000,0	0,0	0,0	0,0	10.000,0
Promoção Industrial	10.000,0	10.000,0	0,0	0,0	0,0	10.000,0	0,0	0,0	0,0	10.000,0
Comércio e Serviços	2.401.454,0	3.351.454,0	610.063,1	610.063,1	0,2	2.741.390,9	601.531,5	601.531,5	1,2	2.749.922,5
Promoção Comercial	60.000,0	60.000,0	0,0	0,0	0,0	60.000,0	0,0	0,0	0,0	60.000,0
Turismo	2.341.454,0	3.291.454,0	610.063,1	610.063,1	0,2	2.681.390,9	601.531,5	601.531,5	1,2	2.689.922,5
Comunicações	95.000,0	95.000,0	54.600,0	54.600,0	0,0	40.400,0	54.600,0	54.600,0	0,1	40.400,0
Comunicações Postais	95.000,0	95.000,0	54.600,0	54.600,0	0,0	40.400,0	54.600,0	54.600,0	0,1	40.400,0
Transporte	1.130.000,0	1.130.000,0	63.671,0	63.671,0	0,0	1.066.329,0	0,0	0,0	0,0	1.130.000,0
Transporte Rodoviário	1.000.000,0	1.000.000,0	63.671,0	63.671,0	0,0	936.329,0	0,0	0,0	0,0	1.000.000,0
Desporto Comunitário	130.000,0	130.000,0	0,0	0,0	0,0	130.000,0	0,0	0,0	0,0	130.000,0
Renato Pinheiro Bravo
Prefeito
Matrícula 200.0000
Servio Tullio Santos do Lago
Secretário Municipal de Finanças,
Planejamento, Desenvolvimento e Gestão
Matrícula nº. 200.0003
Elizabeth Righetti Moraes
Controladora Geral do Município
Matrícula nº. 200.0688
Leonardo Fernandes Pereira
Matrícula PMNF nº. 116.113
Subsecretário de Reg. Contábeis
CRC/RJ. 118.340/0-07
SIGFIS - Versão 2018	Data de Emissão: 17/04/2018 14:32h	Anexo II do RREO
